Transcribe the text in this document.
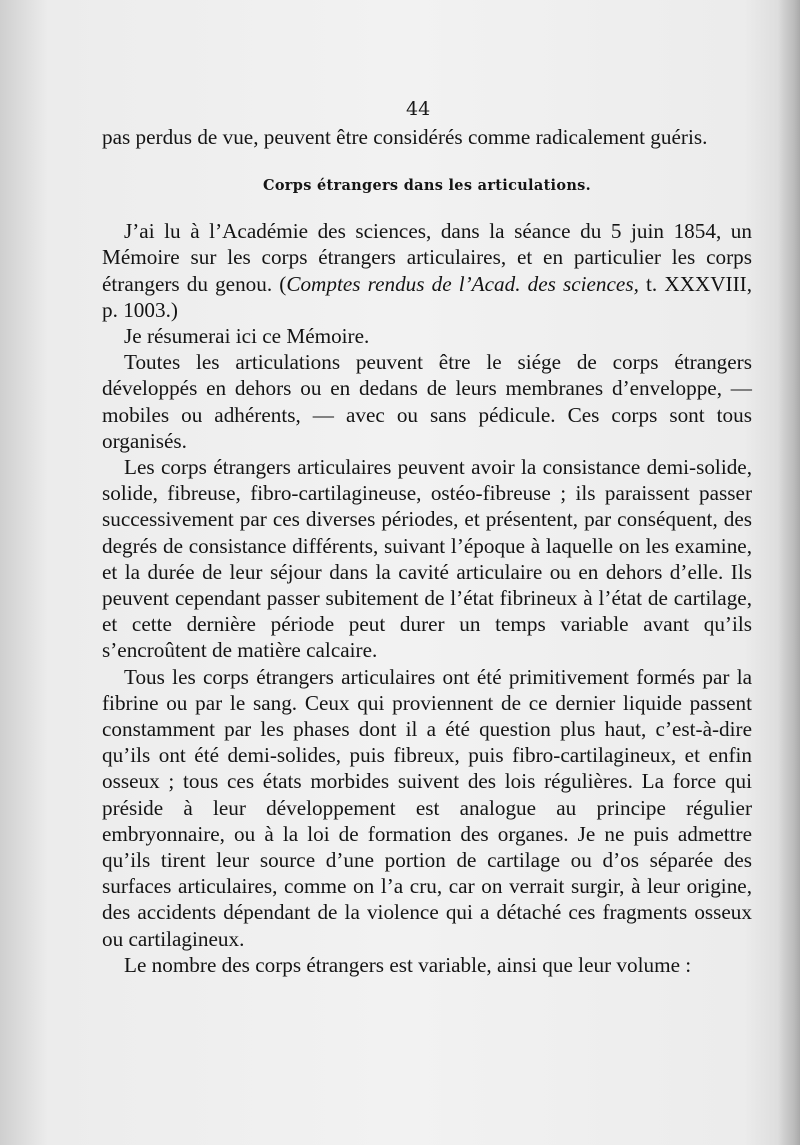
44

pas perdus de vue, peuvent être considérés comme radicalement guéris.

Corps étrangers dans les articulations.

J’ai lu à l’Académie des sciences, dans la séance du 5 juin 1854, un Mémoire sur les corps étrangers articulaires, et en particulier les corps étrangers du genou. (Comptes rendus de l’Acad. des sciences, t. XXXVIII, p. 1003.)

Je résumerai ici ce Mémoire.

Toutes les articulations peuvent être le siége de corps étrangers développés en dehors ou en dedans de leurs membranes d’enveloppe, — mobiles ou adhérents, — avec ou sans pédicule. Ces corps sont tous organisés.

Les corps étrangers articulaires peuvent avoir la consistance demi-solide, solide, fibreuse, fibro-cartilagineuse, ostéo-fibreuse ; ils paraissent passer successivement par ces diverses périodes, et présentent, par conséquent, des degrés de consistance différents, suivant l’époque à laquelle on les examine, et la durée de leur séjour dans la cavité articulaire ou en dehors d’elle. Ils peuvent cependant passer subitement de l’état fibrineux à l’état de cartilage, et cette dernière période peut durer un temps variable avant qu’ils s’encroûtent de matière calcaire.

Tous les corps étrangers articulaires ont été primitivement formés par la fibrine ou par le sang. Ceux qui proviennent de ce dernier liquide passent constamment par les phases dont il a été question plus haut, c’est-à-dire qu’ils ont été demi-solides, puis fibreux, puis fibro-cartilagineux, et enfin osseux ; tous ces états morbides suivent des lois régulières. La force qui préside à leur développement est analogue au principe régulier embryonnaire, ou à la loi de formation des organes. Je ne puis admettre qu’ils tirent leur source d’une portion de cartilage ou d’os séparée des surfaces articulaires, comme on l’a cru, car on verrait surgir, à leur origine, des accidents dépendant de la violence qui a détaché ces fragments osseux ou cartilagineux.

Le nombre des corps étrangers est variable, ainsi que leur volume :
